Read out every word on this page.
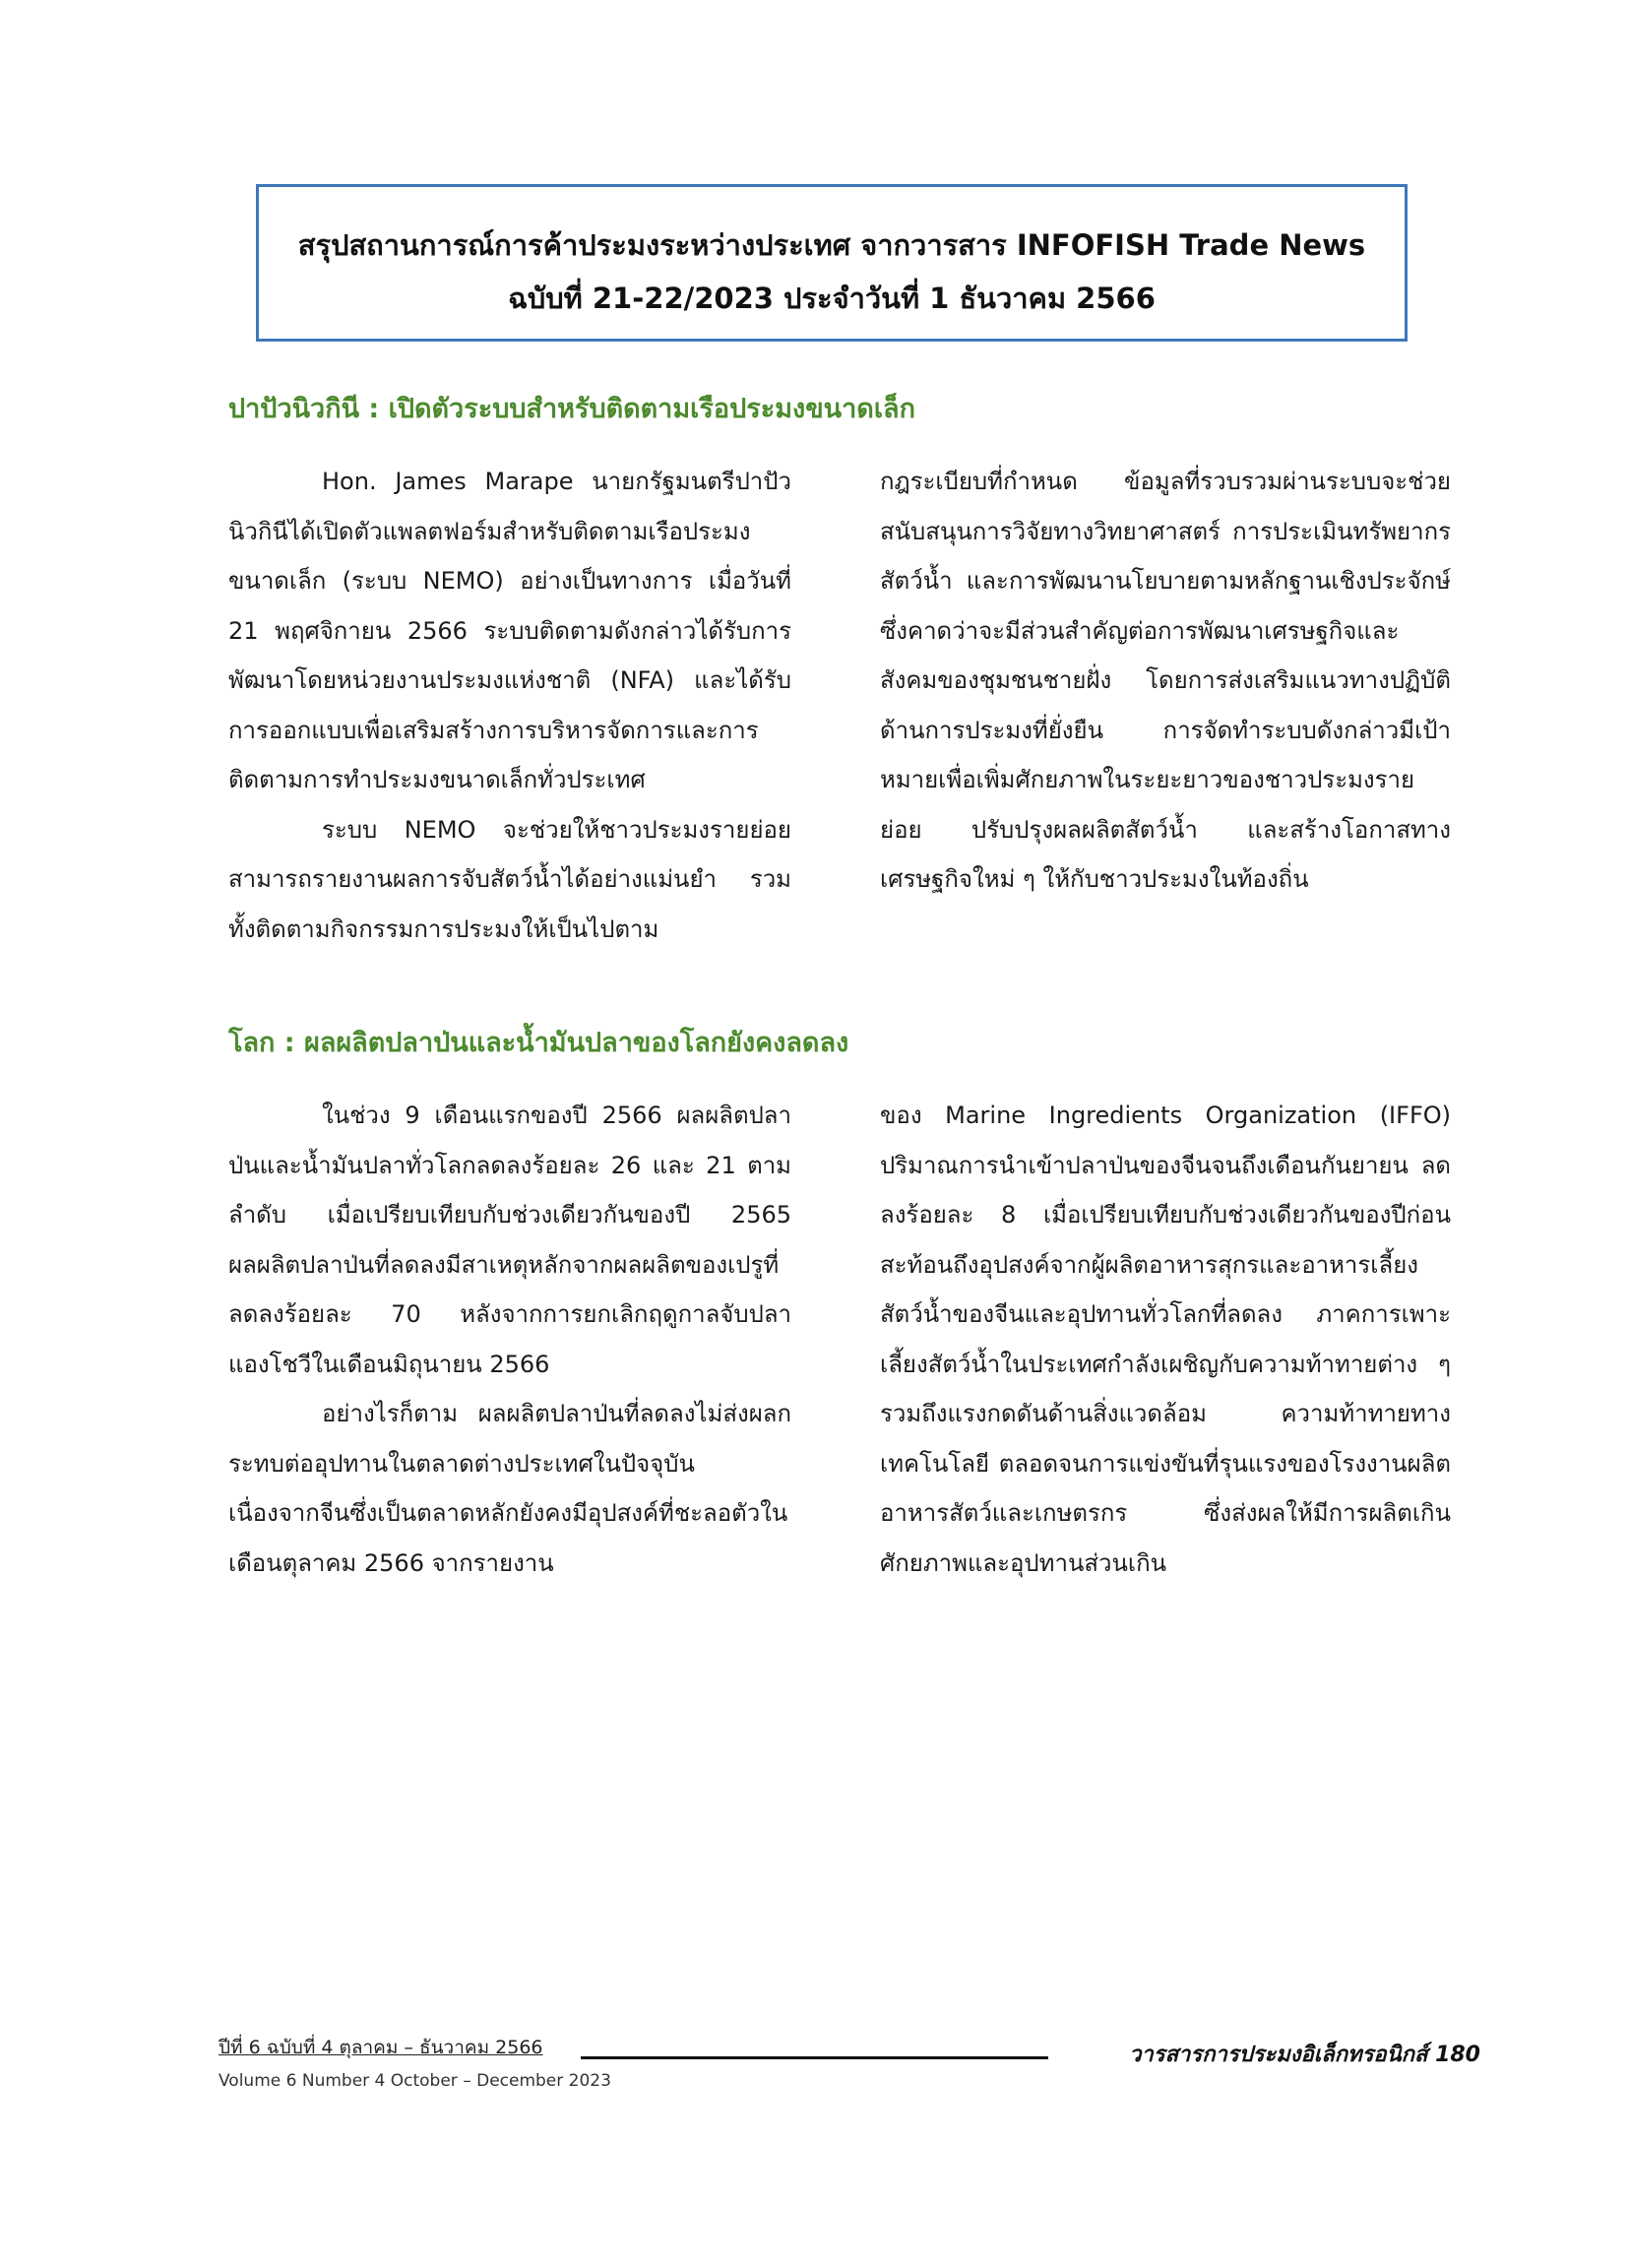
สรุปสถานการณ์การค้าประมงระหว่างประเทศ จากวารสาร INFOFISH Trade News
ฉบับที่ 21-22/2023 ประจำวันที่ 1 ธันวาคม 2566
ปาปัวนิวกินี : เปิดตัวระบบสำหรับติดตามเรือประมงขนาดเล็ก

Hon. James Marape นายกรัฐมนตรีปาปัวนิวกินีได้เปิดตัวแพลตฟอร์มสำหรับติดตามเรือประมงขนาดเล็ก (ระบบ NEMO) อย่างเป็นทางการ เมื่อวันที่ 21 พฤศจิกายน 2566 ระบบติดตามดังกล่าวได้รับการพัฒนาโดยหน่วยงานประมงแห่งชาติ (NFA) และได้รับการออกแบบเพื่อเสริมสร้างการบริหารจัดการและการติดตามการทำประมงขนาดเล็กทั่วประเทศ

ระบบ NEMO จะช่วยให้ชาวประมงรายย่อยสามารถรายงานผลการจับสัตว์น้ำได้อย่างแม่นยำ รวมทั้งติดตามกิจกรรมการประมงให้เป็นไปตาม

กฎระเบียบที่กำหนด ข้อมูลที่รวบรวมผ่านระบบจะช่วยสนับสนุนการวิจัยทางวิทยาศาสตร์ การประเมินทรัพยากรสัตว์น้ำ และการพัฒนานโยบายตามหลักฐานเชิงประจักษ์ ซึ่งคาดว่าจะมีส่วนสำคัญต่อการพัฒนาเศรษฐกิจและสังคมของชุมชนชายฝั่ง โดยการส่งเสริมแนวทางปฏิบัติด้านการประมงที่ยั่งยืน การจัดทำระบบดังกล่าวมีเป้าหมายเพื่อเพิ่มศักยภาพในระยะยาวของชาวประมงรายย่อย ปรับปรุงผลผลิตสัตว์น้ำ และสร้างโอกาสทางเศรษฐกิจใหม่ ๆ ให้กับชาวประมงในท้องถิ่น

โลก : ผลผลิตปลาป่นและน้ำมันปลาของโลกยังคงลดลง

ในช่วง 9 เดือนแรกของปี 2566 ผลผลิตปลาป่นและน้ำมันปลาทั่วโลกลดลงร้อยละ 26 และ 21 ตามลำดับ เมื่อเปรียบเทียบกับช่วงเดียวกันของปี 2565 ผลผลิตปลาป่นที่ลดลงมีสาเหตุหลักจากผลผลิตของเปรูที่ลดลงร้อยละ 70 หลังจากการยกเลิกฤดูกาลจับปลาแองโชวีในเดือนมิถุนายน 2566

อย่างไรก็ตาม ผลผลิตปลาป่นที่ลดลงไม่ส่งผลกระทบต่ออุปทานในตลาดต่างประเทศในปัจจุบัน เนื่องจากจีนซึ่งเป็นตลาดหลักยังคงมีอุปสงค์ที่ชะลอตัวในเดือนตุลาคม 2566 จากรายงาน

ของ Marine Ingredients Organization (IFFO) ปริมาณการนำเข้าปลาป่นของจีนจนถึงเดือนกันยายน ลดลงร้อยละ 8 เมื่อเปรียบเทียบกับช่วงเดียวกันของปีก่อน สะท้อนถึงอุปสงค์จากผู้ผลิตอาหารสุกรและอาหารเลี้ยงสัตว์น้ำของจีนและอุปทานทั่วโลกที่ลดลง ภาคการเพาะเลี้ยงสัตว์น้ำในประเทศกำลังเผชิญกับความท้าทายต่าง ๆ รวมถึงแรงกดดันด้านสิ่งแวดล้อม ความท้าทายทางเทคโนโลยี ตลอดจนการแข่งขันที่รุนแรงของโรงงานผลิตอาหารสัตว์และเกษตรกร ซึ่งส่งผลให้มีการผลิตเกินศักยภาพและอุปทานส่วนเกิน

ปีที่ 6 ฉบับที่ 4 ตุลาคม – ธันวาคม 2566
Volume 6 Number 4 October – December 2023
วารสารการประมงอิเล็กทรอนิกส์ 180
